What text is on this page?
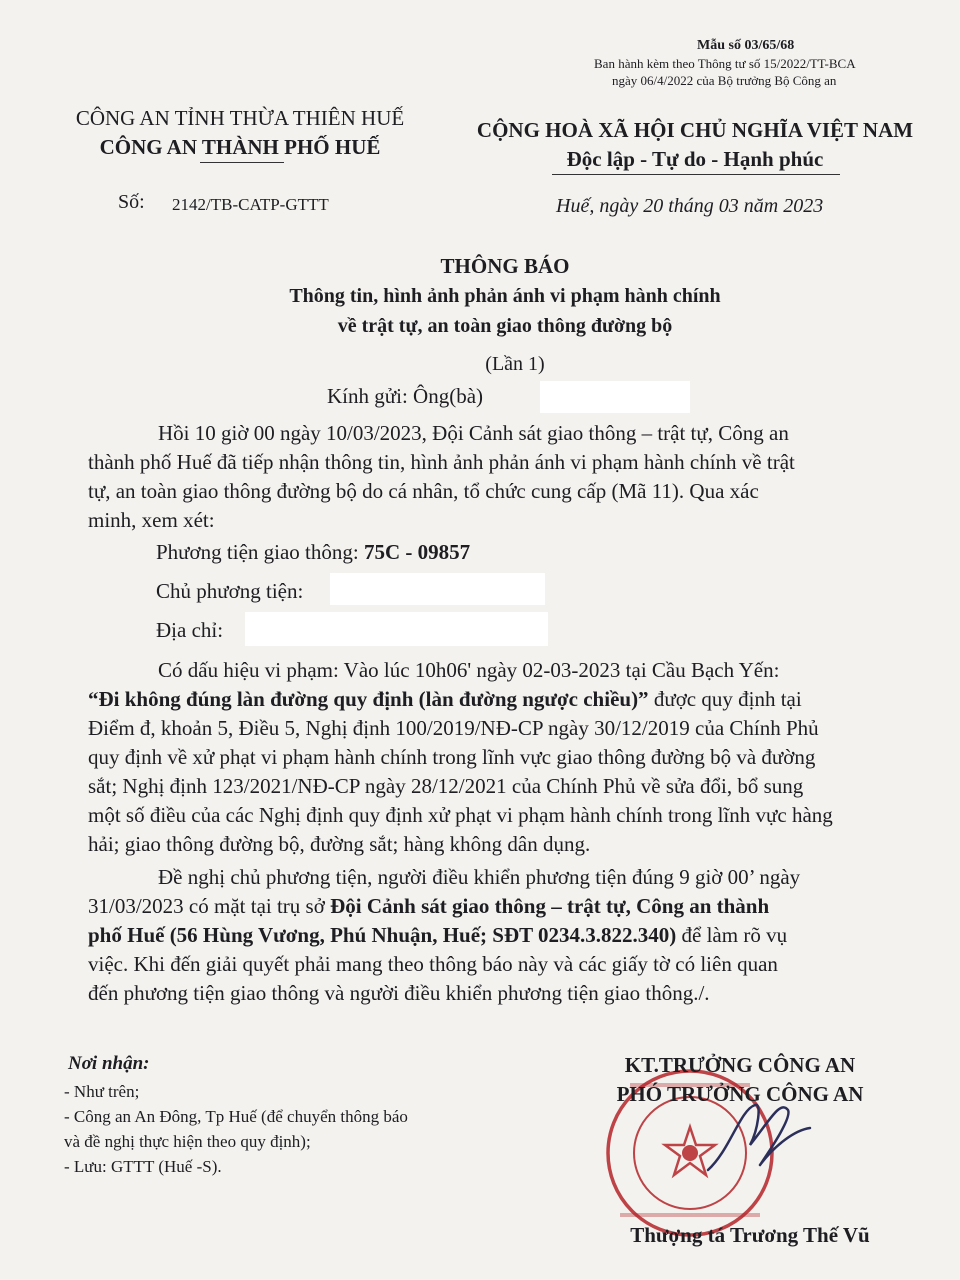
Mẫu số 03/65/68
Ban hành kèm theo Thông tư số 15/2022/TT-BCA
ngày 06/4/2022 của Bộ trưởng Bộ Công an
CÔNG AN TỈNH THỪA THIÊN HUẾ
CÔNG AN THÀNH PHỐ HUẾ
CỘNG HOÀ XÃ HỘI CHỦ NGHĨA VIỆT NAM
Độc lập - Tự do - Hạnh phúc
Số: 2142/TB-CATP-GTTT	Huế, ngày 20 tháng 03 năm 2023
THÔNG BÁO
Thông tin, hình ảnh phản ánh vi phạm hành chính
về trật tự, an toàn giao thông đường bộ
(Lần 1)
Kính gửi: Ông(bà)
Hồi 10 giờ 00 ngày 10/03/2023, Đội Cảnh sát giao thông – trật tự, Công an
thành phố Huế đã tiếp nhận thông tin, hình ảnh phản ánh vi phạm hành chính về trật
tự, an toàn giao thông đường bộ do cá nhân, tổ chức cung cấp (Mã 11). Qua xác
minh, xem xét:
Phương tiện giao thông: 75C - 09857
Chủ phương tiện:
Địa chỉ:
Có dấu hiệu vi phạm: Vào lúc 10h06' ngày 02-03-2023 tại Cầu Bạch Yến:
“Đi không đúng làn đường quy định (làn đường ngược chiều)” được quy định tại
Điểm đ, khoản 5, Điều 5, Nghị định 100/2019/NĐ-CP ngày 30/12/2019 của Chính Phủ
quy định về xử phạt vi phạm hành chính trong lĩnh vực giao thông đường bộ và đường
sắt; Nghị định 123/2021/NĐ-CP ngày 28/12/2021 của Chính Phủ về sửa đổi, bổ sung
một số điều của các Nghị định quy định xử phạt vi phạm hành chính trong lĩnh vực hàng
hải; giao thông đường bộ, đường sắt; hàng không dân dụng.
Đề nghị chủ phương tiện, người điều khiển phương tiện đúng 9 giờ 00’ ngày
31/03/2023 có mặt tại trụ sở Đội Cảnh sát giao thông – trật tự, Công an thành
phố Huế (56 Hùng Vương, Phú Nhuận, Huế; SĐT 0234.3.822.340) để làm rõ vụ
việc. Khi đến giải quyết phải mang theo thông báo này và các giấy tờ có liên quan
đến phương tiện giao thông và người điều khiển phương tiện giao thông./.
Nơi nhận:
- Như trên;
- Công an An Đông, Tp Huế (để chuyển thông báo
và đề nghị thực hiện theo quy định);
- Lưu: GTTT (Huế -S).
KT.TRƯỞNG CÔNG AN
PHÓ TRƯỞNG CÔNG AN
Thượng tá Trương Thế Vũ
